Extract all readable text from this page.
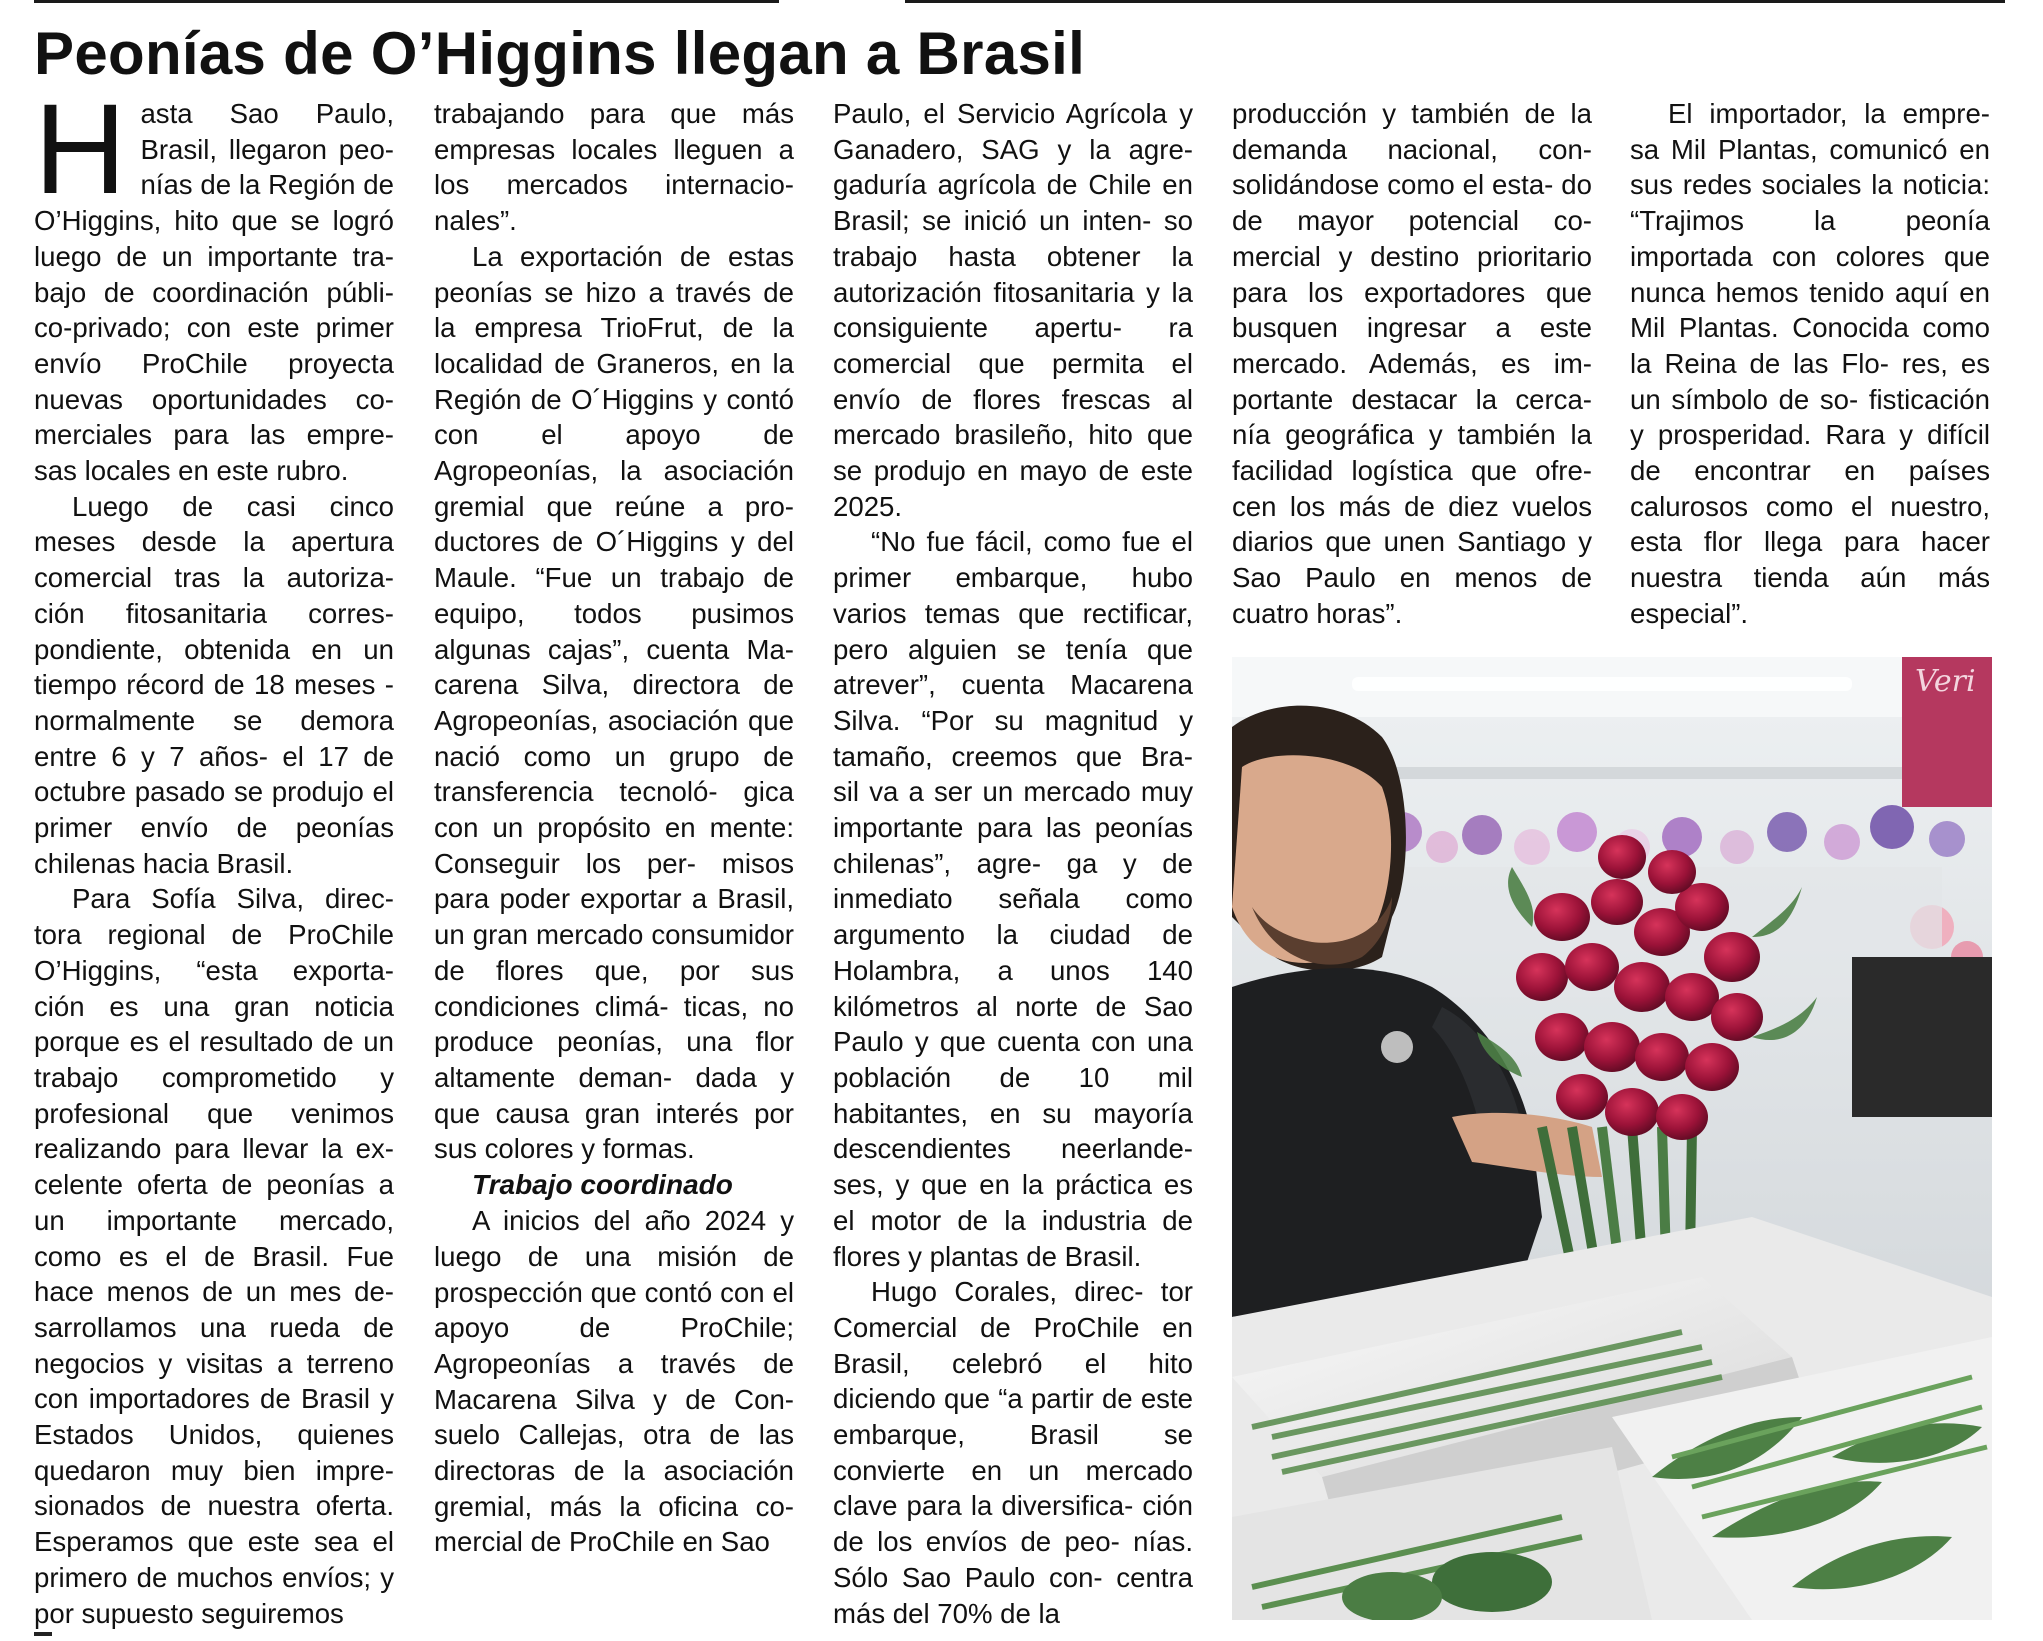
Peonías de O’Higgins llegan a Brasil

Hasta Sao Paulo, Brasil, llegaron peo- nías de la Región de O’Higgins, hito que se logró luego de un importante tra- bajo de coordinación públi- co-privado; con este primer envío ProChile proyecta nuevas oportunidades co- merciales para las empre- sas locales en este rubro.

Luego de casi cinco meses desde la apertura comercial tras la autoriza- ción fitosanitaria corres- pondiente, obtenida en un tiempo récord de 18 meses -normalmente se demora entre 6 y 7 años- el 17 de octubre pasado se produjo el primer envío de peonías chilenas hacia Brasil.

Para Sofía Silva, direc- tora regional de ProChile O’Higgins, “esta exporta- ción es una gran noticia porque es el resultado de un trabajo comprometido y profesional que venimos realizando para llevar la ex- celente oferta de peonías a un importante mercado, como es el de Brasil. Fue hace menos de un mes de- sarrollamos una rueda de negocios y visitas a terreno con importadores de Brasil y Estados Unidos, quienes quedaron muy bien impre- sionados de nuestra oferta. Esperamos que este sea el primero de muchos envíos; y por supuesto seguiremos

trabajando para que más empresas locales lleguen a los mercados internacio- nales”.

La exportación de estas peonías se hizo a través de la empresa TrioFrut, de la localidad de Graneros, en la Región de O´Higgins y contó con el apoyo de Agropeonías, la asociación gremial que reúne a pro- ductores de O´Higgins y del Maule. “Fue un trabajo de equipo, todos pusimos algunas cajas”, cuenta Ma- carena Silva, directora de Agropeonías, asociación que nació como un grupo de transferencia tecnoló- gica con un propósito en mente: Conseguir los per- misos para poder exportar a Brasil, un gran mercado consumidor de flores que, por sus condiciones climá- ticas, no produce peonías, una flor altamente deman- dada y que causa gran interés por sus colores y formas.

Trabajo coordinado

A inicios del año 2024 y luego de una misión de prospección que contó con el apoyo de ProChile; Agropeonías a través de Macarena Silva y de Con- suelo Callejas, otra de las directoras de la asociación gremial, más la oficina co- mercial de ProChile en Sao

Paulo, el Servicio Agrícola y Ganadero, SAG y la agre- gaduría agrícola de Chile en Brasil; se inició un inten- so trabajo hasta obtener la autorización fitosanitaria y la consiguiente apertu- ra comercial que permita el envío de flores frescas al mercado brasileño, hito que se produjo en mayo de este 2025.

“No fue fácil, como fue el primer embarque, hubo varios temas que rectificar, pero alguien se tenía que atrever”, cuenta Macarena Silva. “Por su magnitud y tamaño, creemos que Bra- sil va a ser un mercado muy importante para las peonías chilenas”, agre- ga y de inmediato señala como argumento la ciudad de Holambra, a unos 140 kilómetros al norte de Sao Paulo y que cuenta con una población de 10 mil habitantes, en su mayoría descendientes neerlande- ses, y que en la práctica es el motor de la industria de flores y plantas de Brasil.

Hugo Corales, direc- tor Comercial de ProChile en Brasil, celebró el hito diciendo que “a partir de este embarque, Brasil se convierte en un mercado clave para la diversifica- ción de los envíos de peo- nías. Sólo Sao Paulo con- centra más del 70% de la

producción y también de la demanda nacional, con- solidándose como el esta- do de mayor potencial co- mercial y destino prioritario para los exportadores que busquen ingresar a este mercado. Además, es im- portante destacar la cerca- nía geográfica y también la facilidad logística que ofre- cen los más de diez vuelos diarios que unen Santiago y Sao Paulo en menos de cuatro horas”.

El importador, la empre- sa Mil Plantas, comunicó en sus redes sociales la noticia: “Trajimos la peonía importada con colores que nunca hemos tenido aquí en Mil Plantas. Conocida como la Reina de las Flo- res, es un símbolo de so- fisticación y prosperidad. Rara y difícil de encontrar en países calurosos como el nuestro, esta flor llega para hacer nuestra tienda aún más especial”.

Veri
